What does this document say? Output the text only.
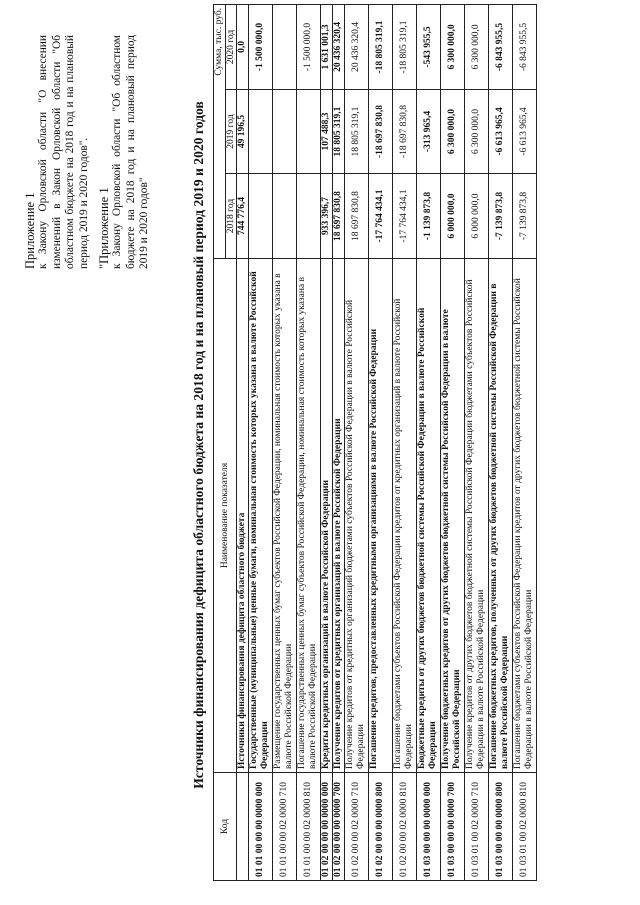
Приложение 1 к Закону Орловской области "О внесении изменений в Закон Орловской области "Об областном бюджете на 2018 год и на плановый период 2019 и 2020 годов". "Приложение 1 к Закону Орловской области "Об областном бюджете на 2018 год и на плановый период 2019 и 2020 годов"	Источники финансирования дефицита областного бюджета на 2018 год и на плановый период 2019 и 2020 годов
Код	Наименование показателя	Сумма, тыс. руб.		

		2018 год	2019 год	2020 год
	Источники финансирования дефицита областного бюджета	744 776,4	49 196,5	0,0
01 01 00 00 00 0000 000	Государственные (муниципальные) ценные бумаги, номинальная стоимость которых указана в валюте Российской Федерации			-1 500 000,0
01 01 00 00 02 0000 710	Размещение государственных ценных бумаг субъектов Российской Федерации, номинальная стоимость которых указана в валюте Российской Федерации			
01 01 00 00 02 0000 810	Погашение государственных ценных бумаг субъектов Российской Федерации, номинальная стоимость которых указана в валюте Российской Федерации			-1 500 000,0
01 02 00 00 00 0000 000	Кредиты кредитных организаций в валюте Российской Федерации	933 396,7	107 488,3	1 631 001,3
01 02 00 00 00 0000 700	Получение кредитов от кредитных организаций в валюте Российской Федерации	18 697 830,8	18 805 319,1	20 436 320,4
01 02 00 00 02 0000 710	Получение кредитов от кредитных организаций бюджетами субъектов Российской Федерации в валюте Российской Федерации	18 697 830,8	18 805 319,1	20 436 320,4
01 02 00 00 00 0000 800	Погашение кредитов, предоставленных кредитными организациями в валюте Российской Федерации	-17 764 434,1	-18 697 830,8	-18 805 319,1
01 02 00 00 02 0000 810	Погашение бюджетами субъектов Российской Федерации кредитов от кредитных организаций в валюте Российской Федерации	-17 764 434,1	-18 697 830,8	-18 805 319,1
01 03 00 00 00 0000 000	Бюджетные кредиты от других бюджетов бюджетной системы Российской Федерации в валюте Российской Федерации	-1 139 873,8	-313 965,4	-543 955,5
01 03 00 00 00 0000 700	Получение бюджетных кредитов от других бюджетов бюджетной системы Российской Федерации в валюте Российской Федерации	6 000 000,0	6 300 000,0	6 300 000,0
01 03 01 00 02 0000 710	Получение кредитов от других бюджетов бюджетной системы Российской Федерации бюджетами субъектов Российской Федерации в валюте Российской Федерации	6 000 000,0	6 300 000,0	6 300 000,0
01 03 00 00 00 0000 800	Погашение бюджетных кредитов, полученных от других бюджетов бюджетной системы Российской Федерации в валюте Российской Федерации	-7 139 873,8	-6 613 965,4	-6 843 955,5
01 03 01 00 02 0000 810	Погашение бюджетами субъектов Российской Федерации кредитов от других бюджетов бюджетной системы Российской Федерации в валюте Российской Федерации	-7 139 873,8	-6 613 965,4	-6 843 955,5
